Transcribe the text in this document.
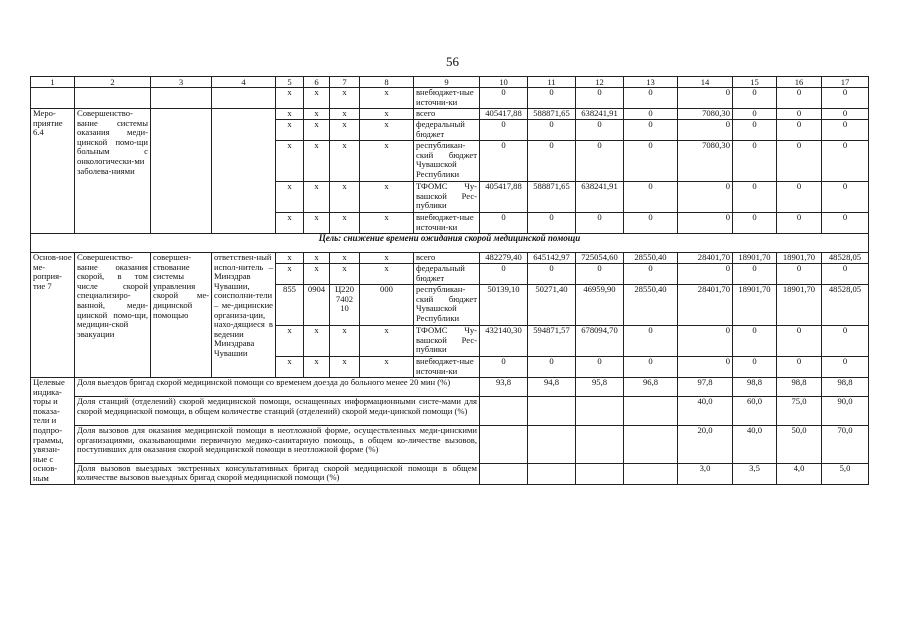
56
1	2	3	4	5	6	7	8	9	10	11	12	13	14	15	16	17
				х	х	х	х	внебюджет-ные источни-ки	0	0	0	0	0	0	0	0
Меро-приятие 6.4	Совершенство-вание системы оказания меди-цинской помо-щи больным с онкологически-ми заболева-ниями			х	х	х	х	всего	405417,88	588871,65	638241,91	0	7080,30	0	0	0
				х	х	х	х	федеральный бюджет	0	0	0	0	0	0	0	0
				х	х	х	х	республикан-ский бюджет Чувашской Республики	0	0	0	0	7080,30	0	0	0
				х	х	х	х	ТФОМС Чу-вашской Рес-публики	405417,88	588871,65	638241,91	0	0	0	0	0
				х	х	х	х	внебюджет-ные источни-ки	0	0	0	0	0	0	0	0
Цель: снижение времени ожидания скорой медицинской помощи																
Основ-ное ме-роприя-тие 7	Совершенство-вание оказания скорой, в том числе скорой специализиро-ванной, меди-цинской помо-щи, медицин-ской эвакуации	совершен-ствование системы управления скорой ме-дицинской помощью	ответствен-ный испол-нитель – Минздрав Чувашии, соисполни-тели – ме-дицинские организа-ции, нахо-дящиеся в ведении Минздрава Чувашии	х	х	х	х	всего	482279,40	645142,97	725054,60	28550,40	28401,70	18901,70	18901,70	48528,05
				х	х	х	х	федеральный бюджет	0	0	0	0	0	0	0	0
				855	0904	Ц220 7402 10	000	республикан-ский бюджет Чувашской Республики	50139,10	50271,40	46959,90	28550,40	28401,70	18901,70	18901,70	48528,05
				х	х	х	х	ТФОМС Чу-вашской Рес-публики	432140,30	594871,57	678094,70	0	0	0	0	0
				х	х	х	х	внебюджет-ные источни-ки	0	0	0	0	0	0	0	0
Целевые индика-торы и показа-тели и подпро-граммы, увязан-ные с основ-ным	Доля выездов бригад скорой медицинской помощи со временем доезда до больного менее 20 мин (%)								93,8	94,8	95,8	96,8	97,8	98,8	98,8	98,8
	Доля станций (отделений) скорой медицинской помощи, оснащенных информационными систе-мами для скорой медицинской помощи, в общем количестве станций (отделений) скорой меди-цинской помощи (%)												40,0	60,0	75,0	90,0
	Доля вызовов для оказания медицинской помощи в неотложной форме, осуществленных меди-цинскими организациями, оказывающими первичную медико-санитарную помощь, в общем ко-личестве вызовов, поступивших для оказания скорой медицинской помощи в неотложной форме (%)												20,0	40,0	50,0	70,0
	Доля вызовов выездных экстренных консультативных бригад скорой медицинской помощи в общем количестве вызовов выездных бригад скорой медицинской помощи (%)												3,0	3,5	4,0	5,0
